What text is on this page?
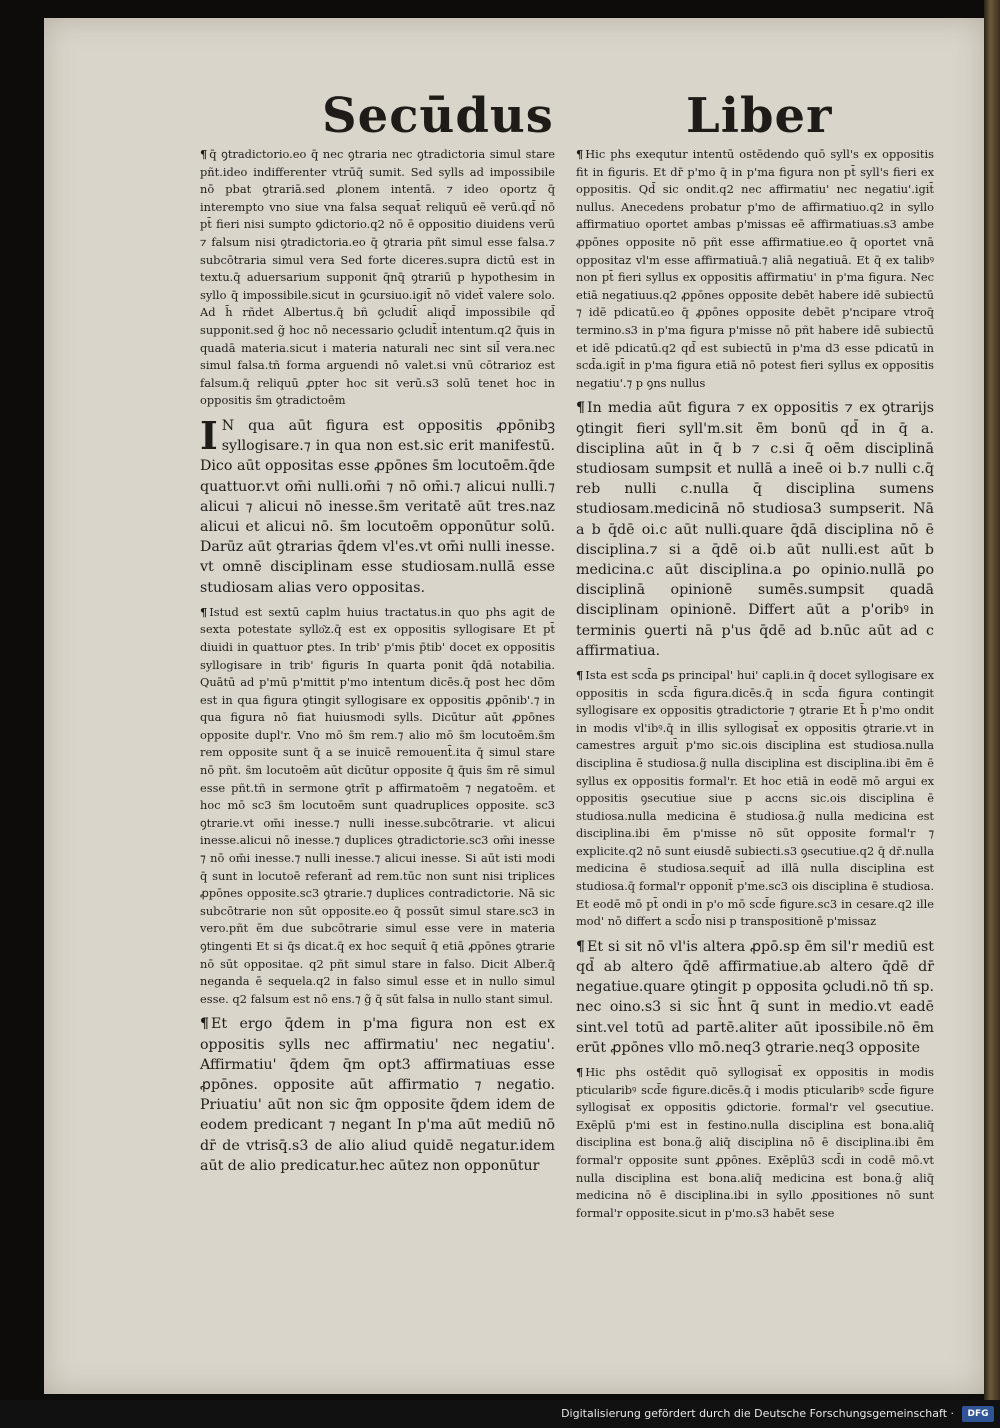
Secūdus	Liber
¶ q̄ ꝯtradictorio.eo q̄ nec ꝯtraria nec ꝯtradictoria simul stare pñt.ideo indifferenter vtrūq̄ sumit. Sed sylls ad impossibile nō pbat ꝯtrariā.sed ꝓlonem intentā. ⁊ ideo oportz q̄ interempto vno siue vna falsa sequat̄ reliquū eē verū.qd̄ nō pt̄ fieri nisi sumpto ꝯdictorio.q2 nō ē oppositio diuidens verū ⁊ falsum nisi ꝯtradictoria.eo q̄ ꝯtraria pñt simul esse falsa.⁊ subcōtraria simul vera Sed forte diceres.supra dictū est in textu.q̄ aduersarium supponit q̄nq̄ ꝯtrariū p hypothesim in syllo q̄ impossibile.sicut in ꝯcursiuo.igit̄ nō videt̄ valere solo. Ad h̄ rñdet Albertus.q̄ bñ ꝯcludit̄ aliqd̄ impossibile qd̄ supponit.sed g̃ hoc nō necessario ꝯcludit̄ intentum.q2 q̄uis in quadā materia.sicut i materia naturali nec sint sil̄ vera.nec simul falsa.tñ forma arguendi nō valet.si vnū cōtrarioz est falsum.q̄ reliquū ꝓpter hoc sit verū.s3 solū tenet hoc in oppositis s̄m ꝯtradictoēm
I N qua aūt figura est oppositis ꝓpōnibꝫ syllogisare.⁊ in qua non est.sic erit manifestū. Dico aūt oppositas esse ꝓpōnes s̄m locutoēm.q̄de quattuor.vt om̄i nulli.om̄i ⁊ nō om̄i.⁊ alicui nulli.⁊ alicui ⁊ alicui nō inesse.s̄m veritatē aūt tres.naz alicui et alicui nō. s̄m locutoēm opponūtur solū. Darūz aūt ꝯtrarias q̄dem vl'es.vt om̄i nulli inesse. vt omnē disciplinam esse studiosam.nullā esse studiosam alias vero oppositas.
¶ Istud est sextū caplm huius tractatus.in quo phs agit de sexta potestate syllo͂z.q̄ est ex oppositis syllogisare Et pt̄ diuidi in quattuor ꝑtes. In trib' p'mis p̄tib' docet ex oppositis syllogisare in trib' figuris In quarta ponit q̄dā notabilia. Quātū ad p'mū p'mittit p'mo intentum dicēs.q̄ post hec dōm est in qua figura ꝯtingit syllogisare ex oppositis ꝓpōnib'.⁊ in qua figura nō fiat huiusmodi sylls. Dicūtur aūt ꝓpōnes opposite dupl'r. Vno mō s̄m rem.⁊ alio mō s̄m locutoēm.s̄m rem opposite sunt q̄ a se inuicē remouent̄.ita q̄ simul stare nō pñt. s̄m locutoēm aūt dicūtur opposite q̄ q̄uis s̄m rē simul esse pñt.tñ in sermone ꝯtrīt p affirmatoēm ⁊ negatoēm. et hoc mō sc3 s̄m locutoēm sunt quadruplices opposite. sc3 ꝯtrarie.vt om̄i inesse.⁊ nulli inesse.subcōtrarie. vt alicui inesse.alicui nō inesse.⁊ duplices ꝯtradictorie.sc3 om̄i inesse ⁊ nō om̄i inesse.⁊ nulli inesse.⁊ alicui inesse. Si aūt isti modi q̄ sunt in locutoē referant̄ ad rem.tūc non sunt nisi triplices ꝓpōnes opposite.sc3 ꝯtrarie.⁊ duplices contradictorie. Nā sic subcōtrarie non sūt opposite.eo q̄ possūt simul stare.sc3 in vero.pñt ēm due subcōtrarie simul esse vere in materia ꝯtingenti Et si q̄s dicat.q̄ ex hoc sequit̄ q̄ etiā ꝓpōnes ꝯtrarie nō sūt oppositae. q2 pñt simul stare in falso. Dicit Alber.q̄ neganda ē sequela.q2 in falso simul esse et in nullo simul esse. q2 falsum est nō ens.⁊ g̃ q̄ sūt falsa in nullo stant simul.
¶ Et ergo q̄dem in p'ma figura non est ex oppositis sylls nec affirmatiu' nec negatiu'. Affirmatiu' q̄dem q̄m opt3 affirmatiuas esse ꝓpōnes. opposite aūt affirmatio ⁊ negatio. Priuatiu' aūt non sic q̄m opposite q̄dem idem de eodem predicant ⁊ negant In p'ma aūt mediū nō dr̄ de vtrisq̄.s3 de alio aliud quidē negatur.idem aūt de alio predicatur.hec aūtez non opponūtur
¶ Hic phs exequtur intentū ostēdendo quō syll's ex oppositis fit in figuris. Et dr̄ p'mo q̄ in p'ma figura non pt̄ syll's fieri ex oppositis. Qd̄ sic ondit.q2 nec affirmatiu' nec negatiu'.igit̄ nullus. Anecedens probatur p'mo de affirmatiuo.q2 in syllo affirmatiuo oportet ambas p'missas eē affirmatiuas.s3 ambe ꝓpōnes opposite nō pñt esse affirmatiue.eo q̄ oportet vnā oppositaz vl'm esse affirmatiuā.⁊ aliā negatiuā. Et q̄ ex talibꝰ non pt̄ fieri syllus ex oppositis affirmatiu' in p'ma figura. Nec etiā negatiuus.q2 ꝓpōnes opposite debēt habere idē subiectū ⁊ idē pdicatū.eo q̄ ꝓpōnes opposite debēt p'ncipare vtroq̄ termino.s3 in p'ma figura p'misse nō pñt habere idē subiectū et idē pdicatū.q2 qd̄ est subiectū in p'ma d3 esse pdicatū in scd̄a.igit̄ in p'ma figura etiā nō potest fieri syllus ex oppositis negatiu'.⁊ p ꝯns nullus
¶ In media aūt figura ⁊ ex oppositis ⁊ ex ꝯtrarijs ꝯtingit fieri syll'm.sit ēm bonū qd̄ in q̄ a. disciplina aūt in q̄ b ⁊ c.si q̄ oēm disciplinā studiosam sumpsit et nullā a ineē oi b.⁊ nulli c.q̄ reb nulli c.nulla q̄ disciplina sumens studiosam.medicinā nō studiosa3 sumpserit. Nā a b q̄dē oi.c aūt nulli.quare q̄dā disciplina nō ē disciplina.⁊ si a q̄dē oi.b aūt nulli.est aūt b medicina.c aūt disciplina.a ꝑo opinio.nullā ꝑo disciplinā opinionē sumēs.sumpsit quadā disciplinam opinionē. Differt aūt a p'oribꝰ in terminis ꝯuerti nā p'us q̄dē ad b.nūc aūt ad c affirmatiua.
¶ Ista est scd̄a ꝑs principal' hui' capli.in q̄ docet syllogisare ex oppositis in scd̄a figura.dicēs.q̄ in scd̄a figura contingit syllogisare ex oppositis ꝯtradictorie ⁊ ꝯtrarie Et h̄ p'mo ondit in modis vl'ibꝰ.q̄ in illis syllogisat̄ ex oppositis ꝯtrarie.vt in camestres arguit̄ p'mo sic.ois disciplina est studiosa.nulla disciplina ē studiosa.g̃ nulla disciplina est disciplina.ibi ēm ē syllus ex oppositis formal'r. Et hoc etiā in eodē mō argui ex oppositis ꝯsecutiue siue p accns sic.ois disciplina ē studiosa.nulla medicina ē studiosa.g̃ nulla medicina est disciplina.ibi ēm p'misse nō sūt opposite formal'r ⁊ explicite.q2 nō sunt eiusdē subiecti.s3 ꝯsecutiue.q2 q̄ dr̄.nulla medicina ē studiosa.sequit̄ ad illā nulla disciplina est studiosa.q̄ formal'r opponit̄ p'me.sc3 ois disciplina ē studiosa. Et eodē mō pt̄ ondi in p'o mō scd̄e figure.sc3 in cesare.q2 ille mod' nō differt a scd̄o nisi p transpositionē p'missaz
¶ Et si sit nō vl'is altera ꝓpō.sp ēm sil'r mediū est qd̄ ab altero q̄dē affirmatiue.ab altero q̄dē dr̄ negatiue.quare ꝯtingit p opposita ꝯcludi.nō tñ sp. nec oino.s3 si sic h̄nt q̄ sunt in medio.vt eadē sint.vel totū ad partē.aliter aūt ipossibile.nō ēm erūt ꝓpōnes vllo mō.neq3 ꝯtrarie.neq3 opposite
¶ Hic phs ostēdit quō syllogisat̄ ex oppositis in modis pticularibꝰ scd̄e figure.dicēs.q̄ i modis pticularibꝰ scd̄e figure syllogisat̄ ex oppositis ꝯdictorie. formal'r vel ꝯsecutiue. Exēplū p'mi est in festino.nulla disciplina est bona.aliq̄ disciplina est bona.g̃ aliq̄ disciplina nō ē disciplina.ibi ēm formal'r opposite sunt ꝓpōnes. Exēplū3 scd̄i in codē mō.vt nulla disciplina est bona.aliq̄ medicina est bona.g̃ aliq̄ medicina nō ē disciplina.ibi in syllo ꝓpositiones nō sunt formal'r opposite.sicut in p'mo.s3 habēt sese
Digitalisierung gefördert durch die Deutsche Forschungsgemeinschaft ·	DFG
